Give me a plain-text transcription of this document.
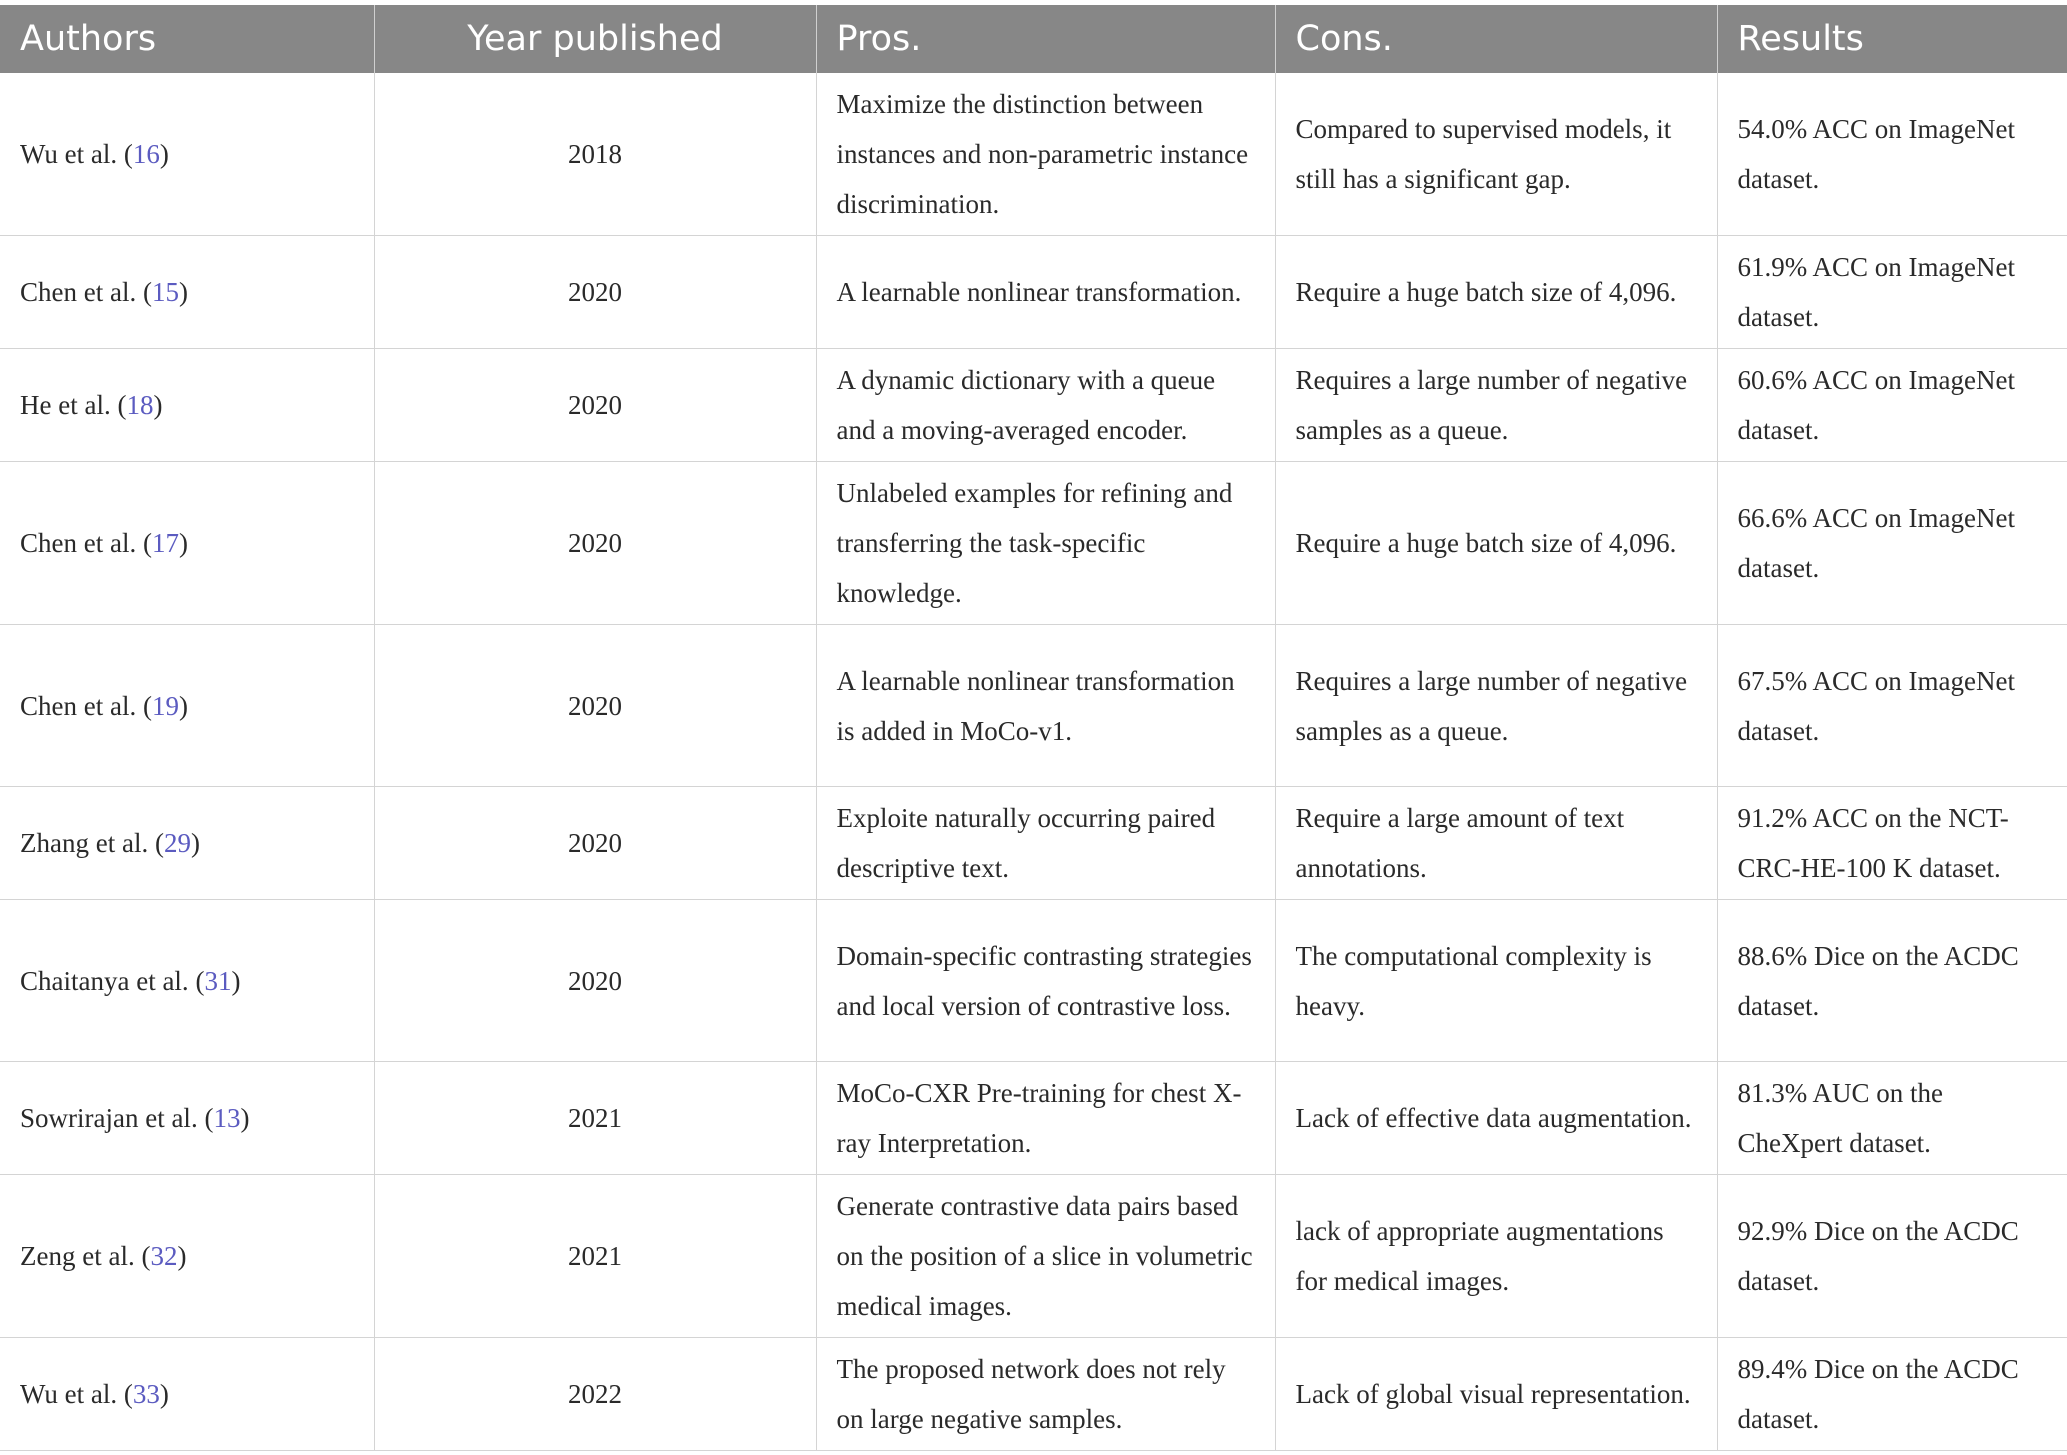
Authors	Year published	Pros.	Cons.	Results
Wu et al. (16)	2018	Maximize the distinction between instances and non-parametric instance discrimination.	Compared to supervised models, it still has a significant gap.	54.0% ACC on ImageNet dataset.
Chen et al. (15)	2020	A learnable nonlinear transformation.	Require a huge batch size of 4,096.	61.9% ACC on ImageNet dataset.
He et al. (18)	2020	A dynamic dictionary with a queue and a moving-averaged encoder.	Requires a large number of negative samples as a queue.	60.6% ACC on ImageNet dataset.
Chen et al. (17)	2020	Unlabeled examples for refining and transferring the task-specific knowledge.	Require a huge batch size of 4,096.	66.6% ACC on ImageNet dataset.
Chen et al. (19)	2020	A learnable nonlinear transformation is added in MoCo-v1.	Requires a large number of negative samples as a queue.	67.5% ACC on ImageNet dataset.
Zhang et al. (29)	2020	Exploite naturally occurring paired descriptive text.	Require a large amount of text annotations.	91.2% ACC on the NCT-CRC-HE-100 K dataset.
Chaitanya et al. (31)	2020	Domain-specific contrasting strategies and local version of contrastive loss.	The computational complexity is heavy.	88.6% Dice on the ACDC dataset.
Sowrirajan et al. (13)	2021	MoCo-CXR Pre-training for chest X-ray Interpretation.	Lack of effective data augmentation.	81.3% AUC on the CheXpert dataset.
Zeng et al. (32)	2021	Generate contrastive data pairs based on the position of a slice in volumetric medical images.	lack of appropriate augmentations for medical images.	92.9% Dice on the ACDC dataset.
Wu et al. (33)	2022	The proposed network does not rely on large negative samples.	Lack of global visual representation.	89.4% Dice on the ACDC dataset.
